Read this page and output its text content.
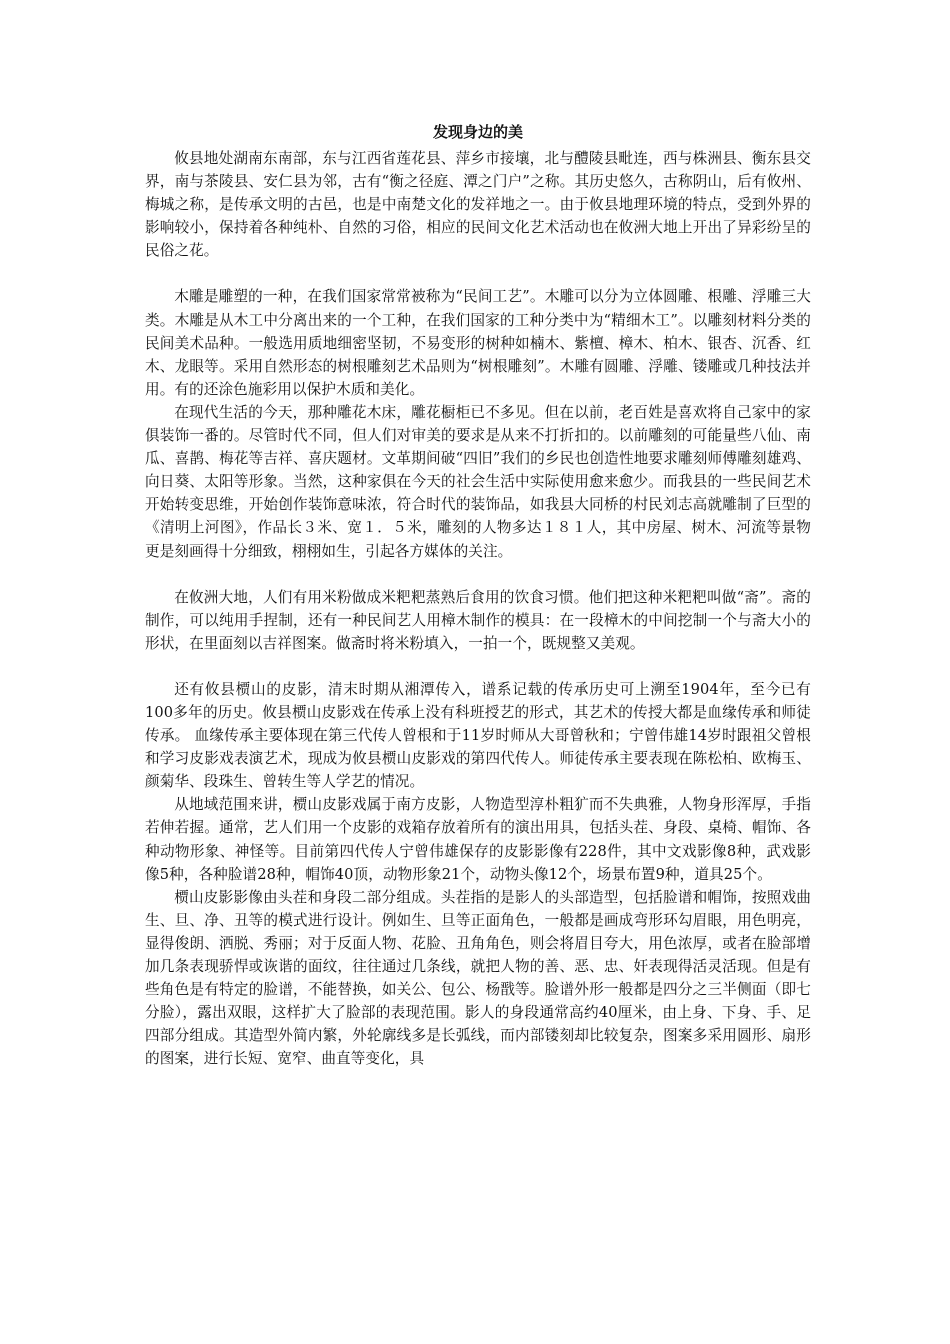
发现身边的美

攸县地处湖南东南部，东与江西省莲花县、萍乡市接壤，北与醴陵县毗连，西与株洲县、衡东县交界，南与茶陵县、安仁县为邻，古有“衡之径庭、潭之门户”之称。其历史悠久，古称阴山，后有攸州、梅城之称，是传承文明的古邑，也是中南楚文化的发祥地之一。由于攸县地理环境的特点，受到外界的影响较小，保持着各种纯朴、自然的习俗，相应的民间文化艺术活动也在攸洲大地上开出了异彩纷呈的民俗之花。

木雕是雕塑的一种，在我们国家常常被称为“民间工艺”。木雕可以分为立体圆雕、根雕、浮雕三大类。木雕是从木工中分离出来的一个工种，在我们国家的工种分类中为“精细木工”。以雕刻材料分类的民间美术品种。一般选用质地细密坚韧，不易变形的树种如楠木、紫檀、樟木、柏木、银杏、沉香、红木、龙眼等。采用自然形态的树根雕刻艺术品则为“树根雕刻”。木雕有圆雕、浮雕、镂雕或几种技法并用。有的还涂色施彩用以保护木质和美化。

在现代生活的今天，那种雕花木床，雕花橱柜已不多见。但在以前，老百姓是喜欢将自己家中的家俱装饰一番的。尽管时代不同，但人们对审美的要求是从来不打折扣的。以前雕刻的可能量些八仙、南瓜、喜鹊、梅花等吉祥、喜庆题材。文革期间破“四旧”我们的乡民也创造性地要求雕刻师傅雕刻雄鸡、向日葵、太阳等形象。当然，这种家俱在今天的社会生活中实际使用愈来愈少。而我县的一些民间艺术开始转变思维，开始创作装饰意味浓，符合时代的装饰品，如我县大同桥的村民刘志高就雕制了巨型的《清明上河图》，作品长３米、宽１．５米，雕刻的人物多达１８１人，其中房屋、树木、河流等景物更是刻画得十分细致，栩栩如生，引起各方媒体的关注。

在攸洲大地，人们有用米粉做成米粑粑蒸熟后食用的饮食习惯。他们把这种米粑粑叫做“斋”。斋的制作，可以纯用手捏制，还有一种民间艺人用樟木制作的模具：在一段樟木的中间挖制一个与斋大小的形状，在里面刻以吉祥图案。做斋时将米粉填入，一拍一个，既规整又美观。

还有攸县槚山的皮影，清末时期从湘潭传入，谱系记载的传承历史可上溯至1904年，至今已有100多年的历史。攸县槚山皮影戏在传承上没有科班授艺的形式，其艺术的传授大都是血缘传承和师徒传承。 血缘传承主要体现在第三代传人曾根和于11岁时师从大哥曾秋和；宁曾伟雄14岁时跟祖父曾根和学习皮影戏表演艺术，现成为攸县槚山皮影戏的第四代传人。师徒传承主要表现在陈松柏、欧梅玉、颜菊华、段珠生、曾转生等人学艺的情况。

从地域范围来讲，槚山皮影戏属于南方皮影，人物造型淳朴粗犷而不失典雅，人物身形浑厚，手指若伸若握。通常，艺人们用一个皮影的戏箱存放着所有的演出用具，包括头茬、身段、桌椅、帽饰、各种动物形象、神怪等。目前第四代传人宁曾伟雄保存的皮影影像有228件，其中文戏影像8种，武戏影像5种，各种脸谱28种，帽饰40顶，动物形象21个，动物头像12个，场景布置9种，道具25个。

槚山皮影影像由头茬和身段二部分组成。头茬指的是影人的头部造型，包括脸谱和帽饰，按照戏曲生、旦、净、丑等的模式进行设计。例如生、旦等正面角色，一般都是画成弯形环勾眉眼，用色明亮，显得俊朗、洒脱、秀丽；对于反面人物、花脸、丑角角色，则会将眉目夸大，用色浓厚，或者在脸部增加几条表现骄悍或诙谐的面纹，往往通过几条线，就把人物的善、恶、忠、奸表现得活灵活现。但是有些角色是有特定的脸谱，不能替换，如关公、包公、杨戬等。脸谱外形一般都是四分之三半侧面（即七分脸），露出双眼，这样扩大了脸部的表现范围。影人的身段通常高约40厘米，由上身、下身、手、足四部分组成。其造型外简内繁，外轮廓线多是长弧线，而内部镂刻却比较复杂，图案多采用圆形、扇形的图案，进行长短、宽窄、曲直等变化，具
